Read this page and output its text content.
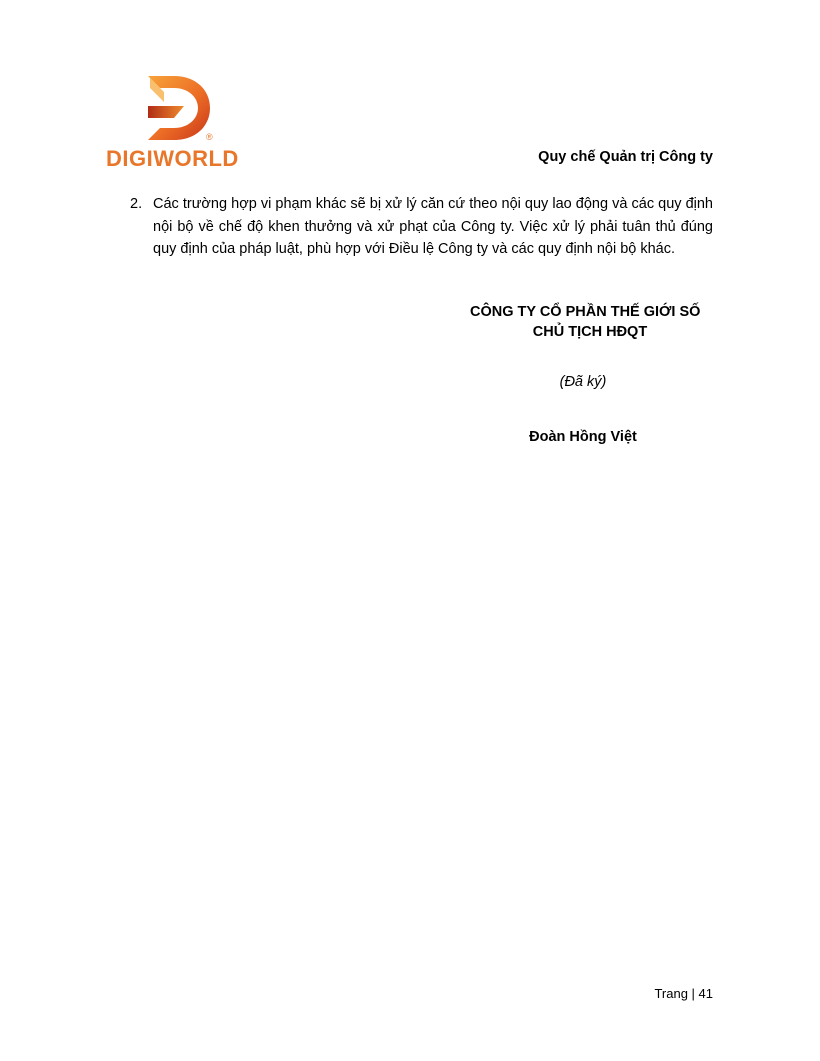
®
DIGIWORLD	Quy chế Quản trị Công ty
2. Các trường hợp vi phạm khác sẽ bị xử lý căn cứ theo nội quy lao động và các quy định nội bộ về chế độ khen thưởng và xử phạt của Công ty. Việc xử lý phải tuân thủ đúng quy định của pháp luật, phù hợp với Điều lệ Công ty và các quy định nội bộ khác.
CÔNG TY CỔ PHẦN THẾ GIỚI SỐ
CHỦ TỊCH HĐQT
(Đã ký)
Đoàn Hồng Việt
Trang | 41
